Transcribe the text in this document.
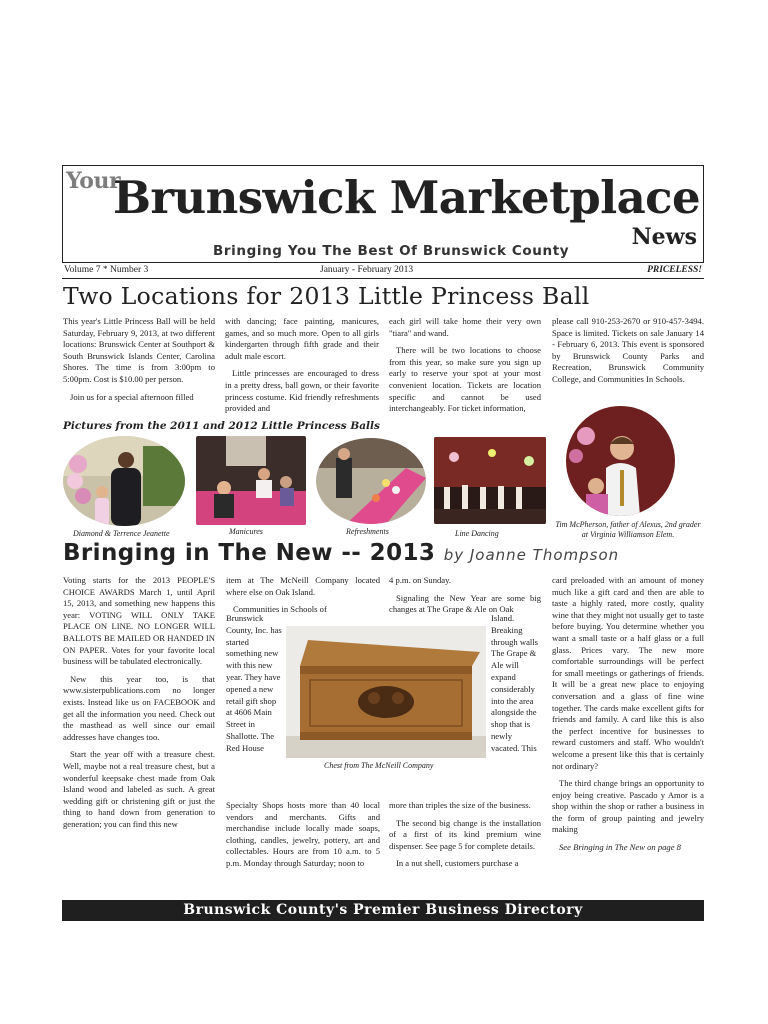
Your
Brunswick Marketplace
News
Bringing You The Best Of Brunswick County
Volume 7 * Number 3	January - February 2013	PRICELESS!
Two Locations for 2013 Little Princess Ball

This year's Little Princess Ball will be held Saturday, February 9, 2013, at two different locations: Brunswick Center at Southport & South Brunswick Islands Center, Carolina Shores. The time is from 3:00pm to 5:00pm. Cost is $10.00 per person.

Join us for a special afternoon filled

with dancing; face painting, manicures, games, and so much more. Open to all girls kindergarten through fifth grade and their adult male escort.

Little princesses are encouraged to dress in a pretty dress, ball gown, or their favorite princess costume. Kid friendly refreshments provided and

each girl will take home their very own "tiara" and wand.

There will be two locations to choose from this year, so make sure you sign up early to reserve your spot at your most convenient location. Tickets are location specific and cannot be used interchangeably. For ticket information,

please call 910-253-2670 or 910-457-3494. Space is limited. Tickets on sale January 14 - February 6, 2013. This event is sponsored by Brunswick County Parks and Recreation, Brunswick Community College, and Communities In Schools.

Pictures from the 2011 and 2012 Little Princess Balls
Diamond & Terrence Jeanette	Manicures	Refreshments	Line Dancing
Tim McPherson, father of Alexus, 2nd grader at Virginia Williamson Elem.
Bringing in The New -- 2013 by Joanne Thompson

Voting starts for the 2013 PEOPLE'S CHOICE AWARDS March 1, until April 15, 2013, and something new happens this year: VOTING WILL ONLY TAKE PLACE ON LINE. NO LONGER WILL BALLOTS BE MAILED OR HANDED IN ON PAPER. Votes for your favorite local business will be tabulated electronically.

New this year too, is that www.sisterpublications.com no longer exists. Instead like us on FACEBOOK and get all the information you need. Check out the masthead as well since our email addresses have changes too.

Start the year off with a treasure chest. Well, maybe not a real treasure chest, but a wonderful keepsake chest made from Oak Island wood and labeled as such. A great wedding gift or christening gift or just the thing to hand down from generation to generation; you can find this new

item at The McNeill Company located where else on Oak Island.

Communities in Schools of

Brunswick County, Inc. has started something new with this new year. They have opened a new retail gift shop at 4606 Main Street in Shallotte. The Red House

Specialty Shops hosts more than 40 local vendors and merchants. Gifts and merchandise include locally made soaps, clothing, candles, jewelry, pottery, art and collectables. Hours are from 10 a.m. to 5 p.m. Monday through Saturday; noon to

Chest from The McNeill Company

4 p.m. on Sunday.

Signaling the New Year are some big changes at The Grape & Ale on Oak

Island. Breaking through walls The Grape & Ale will expand considerably into the area alongside the shop that is newly vacated. This

more than triples the size of the business.

The second big change is the installation of a first of its kind premium wine dispenser. See page 5 for complete details.

In a nut shell, customers purchase a

card preloaded with an amount of money much like a gift card and then are able to taste a highly rated, more costly, quality wine that they might not usually get to taste before buying. You determine whether you want a small taste or a half glass or a full glass. Prices vary. The new more comfortable surroundings will be perfect for small meetings or gatherings of friends. It will be a great new place to enjoying conversation and a glass of fine wine together. The cards make excellent gifts for friends and family. A card like this is also the perfect incentive for businesses to reward customers and staff. Who wouldn't welcome a present like this that is certainly not ordinary?

The third change brings an opportunity to enjoy being creative. Pascado y Amor is a shop within the shop or rather a business in the form of group painting and jewelry making

See Bringing in The New on page 8

Brunswick County's Premier Business Directory
